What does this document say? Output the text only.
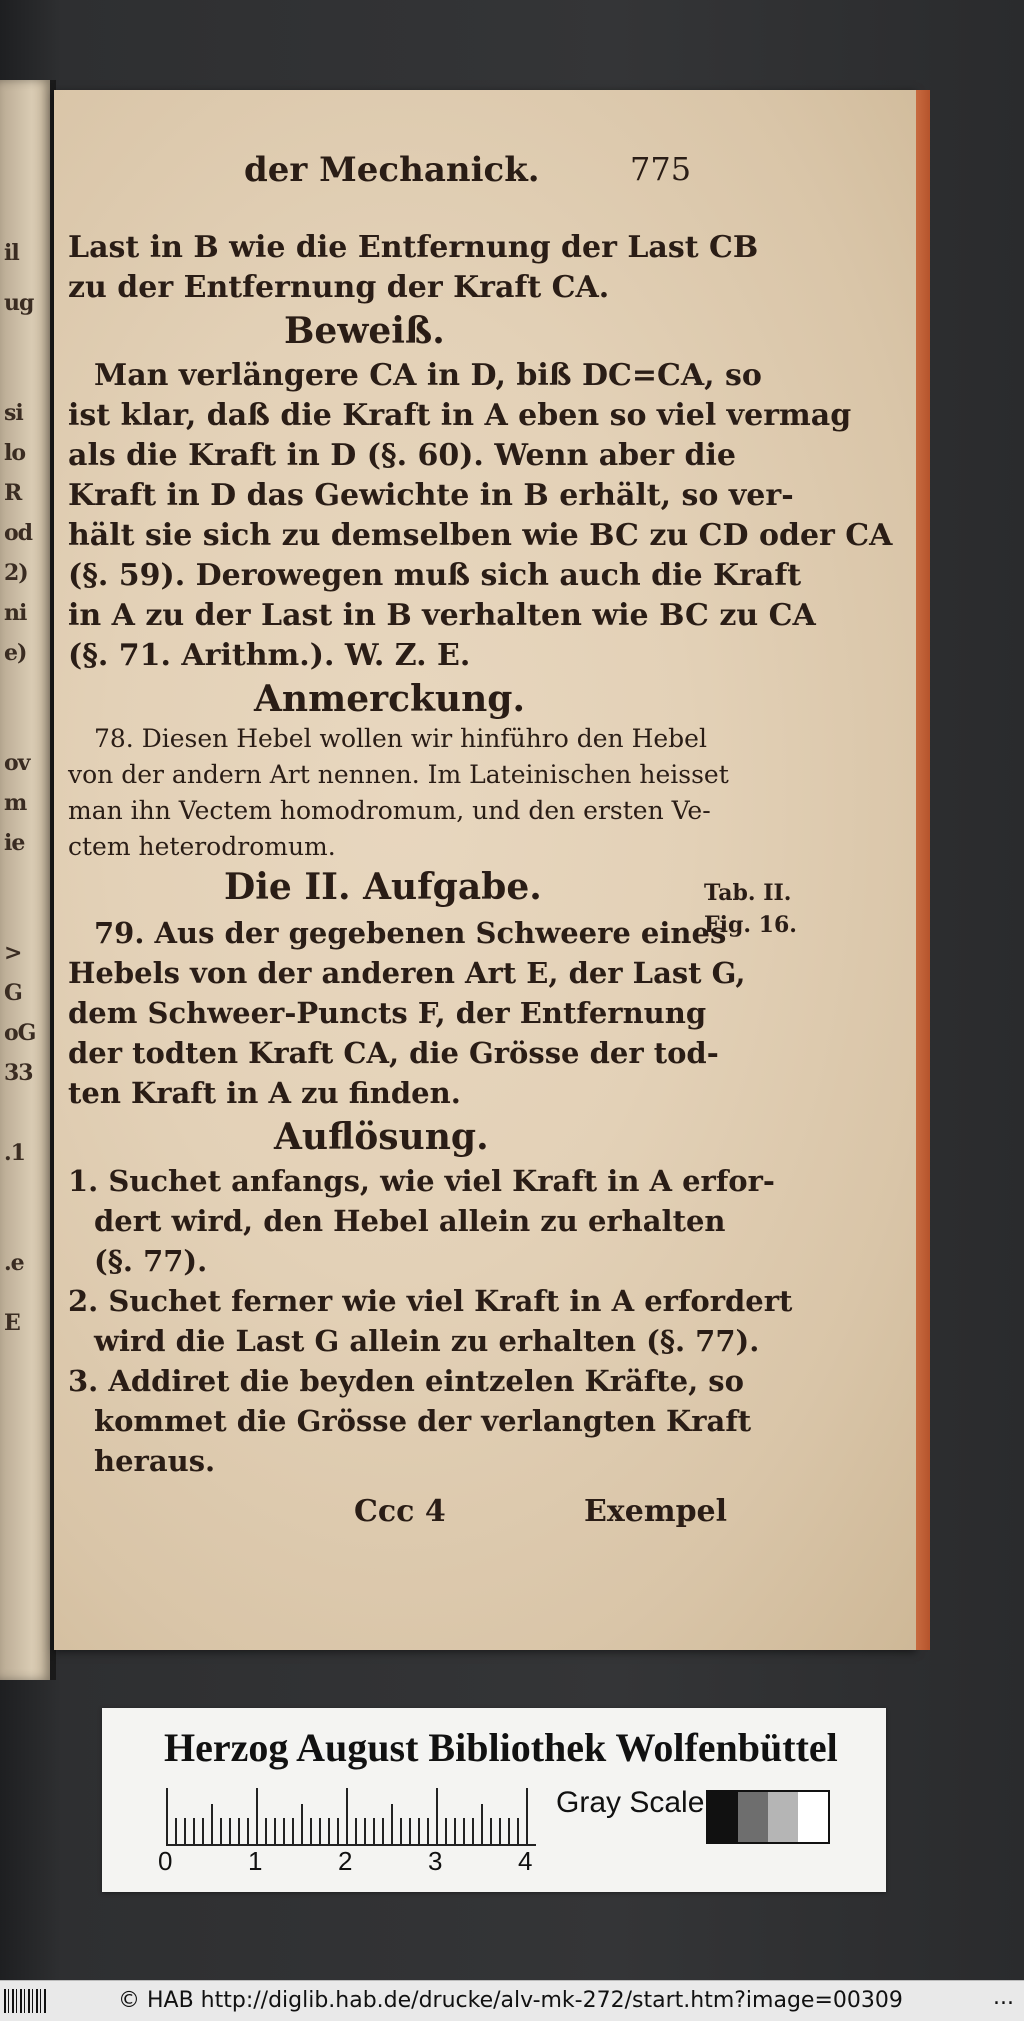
il
ug
si
lo
R
od
2)
ni
e)
ov
m
ie
>
G
oG
33
.1
.e
E
der Mechanick.	775
Last in B wie die Entfernung der Last CB
zu der Entfernung der Kraft CA.
Beweiß.
Man verlängere CA in D, biß DC=CA, so
ist klar, daß die Kraft in A eben so viel vermag
als die Kraft in D (§. 60). Wenn aber die
Kraft in D das Gewichte in B erhält, so ver-
hält sie sich zu demselben wie BC zu CD oder CA
(§. 59). Derowegen muß sich auch die Kraft
in A zu der Last in B verhalten wie BC zu CA
(§. 71. Arithm.). W. Z. E.
Anmerckung.
78. Diesen Hebel wollen wir hinführo den Hebel
von der andern Art nennen. Im Lateinischen heisset
man ihn Vectem homodromum, und den ersten Ve-
ctem heterodromum.
Die II. Aufgabe.	Tab. II.
Fig. 16.
79. Aus der gegebenen Schweere eines
Hebels von der anderen Art E, der Last G,
dem Schweer-Puncts F, der Entfernung
der todten Kraft CA, die Grösse der tod-
ten Kraft in A zu finden.
Auflösung.
1. Suchet anfangs, wie viel Kraft in A erfor-
dert wird, den Hebel allein zu erhalten
(§. 77).
2. Suchet ferner wie viel Kraft in A erfordert
wird die Last G allein zu erhalten (§. 77).
3. Addiret die beyden eintzelen Kräfte, so
kommet die Grösse der verlangten Kraft
heraus.
Ccc 4	Exempel
Herzog August Bibliothek Wolfenbüttel
0	1	2	3	4
Gray Scale
© HAB http://diglib.hab.de/drucke/alv-mk-272/start.htm?image=00309	...
